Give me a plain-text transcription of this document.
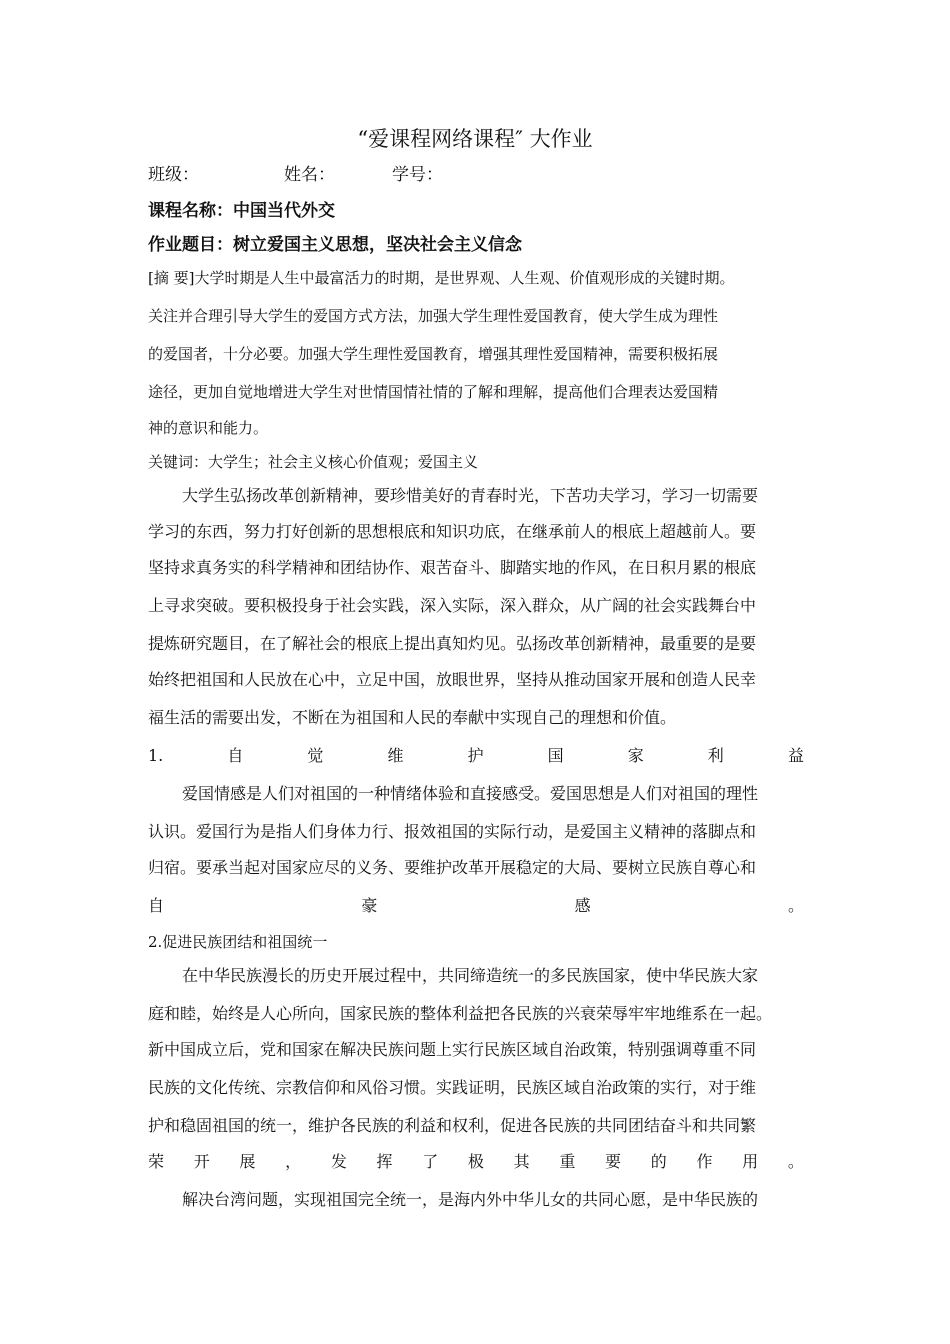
“爱课程网络课程″ 大作业
班级：	姓名：	学号：
课程名称：中国当代外交
作业题目：树立爱国主义思想，坚决社会主义信念
[摘 要]大学时期是人生中最富活力的时期，是世界观、人生观、价值观形成的关键时期。
关注并合理引导大学生的爱国方式方法，加强大学生理性爱国教育，使大学生成为理性
的爱国者，十分必要。加强大学生理性爱国教育，增强其理性爱国精神，需要积极拓展
途径，更加自觉地增进大学生对世情国情社情的了解和理解，提高他们合理表达爱国精
神的意识和能力。
关键词：大学生；社会主义核心价值观；爱国主义
大学生弘扬改革创新精神，要珍惜美好的青春时光，下苦功夫学习，学习一切需要
学习的东西，努力打好创新的思想根底和知识功底，在继承前人的根底上超越前人。要
坚持求真务实的科学精神和团结协作、艰苦奋斗、脚踏实地的作风，在日积月累的根底
上寻求突破。要积极投身于社会实践，深入实际，深入群众，从广阔的社会实践舞台中
提炼研究题目，在了解社会的根底上提出真知灼见。弘扬改革创新精神，最重要的是要
始终把祖国和人民放在心中，立足中国，放眼世界，坚持从推动国家开展和创造人民幸
福生活的需要出发，不断在为祖国和人民的奉献中实现自己的理想和价值。
1.	自	觉	维	护	国	家	利	益
爱国情感是人们对祖国的一种情绪体验和直接感受。爱国思想是人们对祖国的理性
认识。爱国行为是指人们身体力行、报效祖国的实际行动，是爱国主义精神的落脚点和
归宿。要承当起对国家应尽的义务、要维护改革开展稳定的大局、要树立民族自尊心和
自	豪	感	。
2.促进民族团结和祖国统一
在中华民族漫长的历史开展过程中，共同缔造统一的多民族国家，使中华民族大家
庭和睦，始终是人心所向，国家民族的整体利益把各民族的兴衰荣辱牢牢地维系在一起。
新中国成立后，党和国家在解决民族问题上实行民族区域自治政策，特别强调尊重不同
民族的文化传统、宗教信仰和风俗习惯。实践证明，民族区域自治政策的实行，对于维
护和稳固祖国的统一，维护各民族的利益和权利，促进各民族的共同团结奋斗和共同繁
荣 开 展 ， 发 挥 了 极 其 重 要 的 作 用 。
解决台湾问题，实现祖国完全统一，是海内外中华儿女的共同心愿，是中华民族的
